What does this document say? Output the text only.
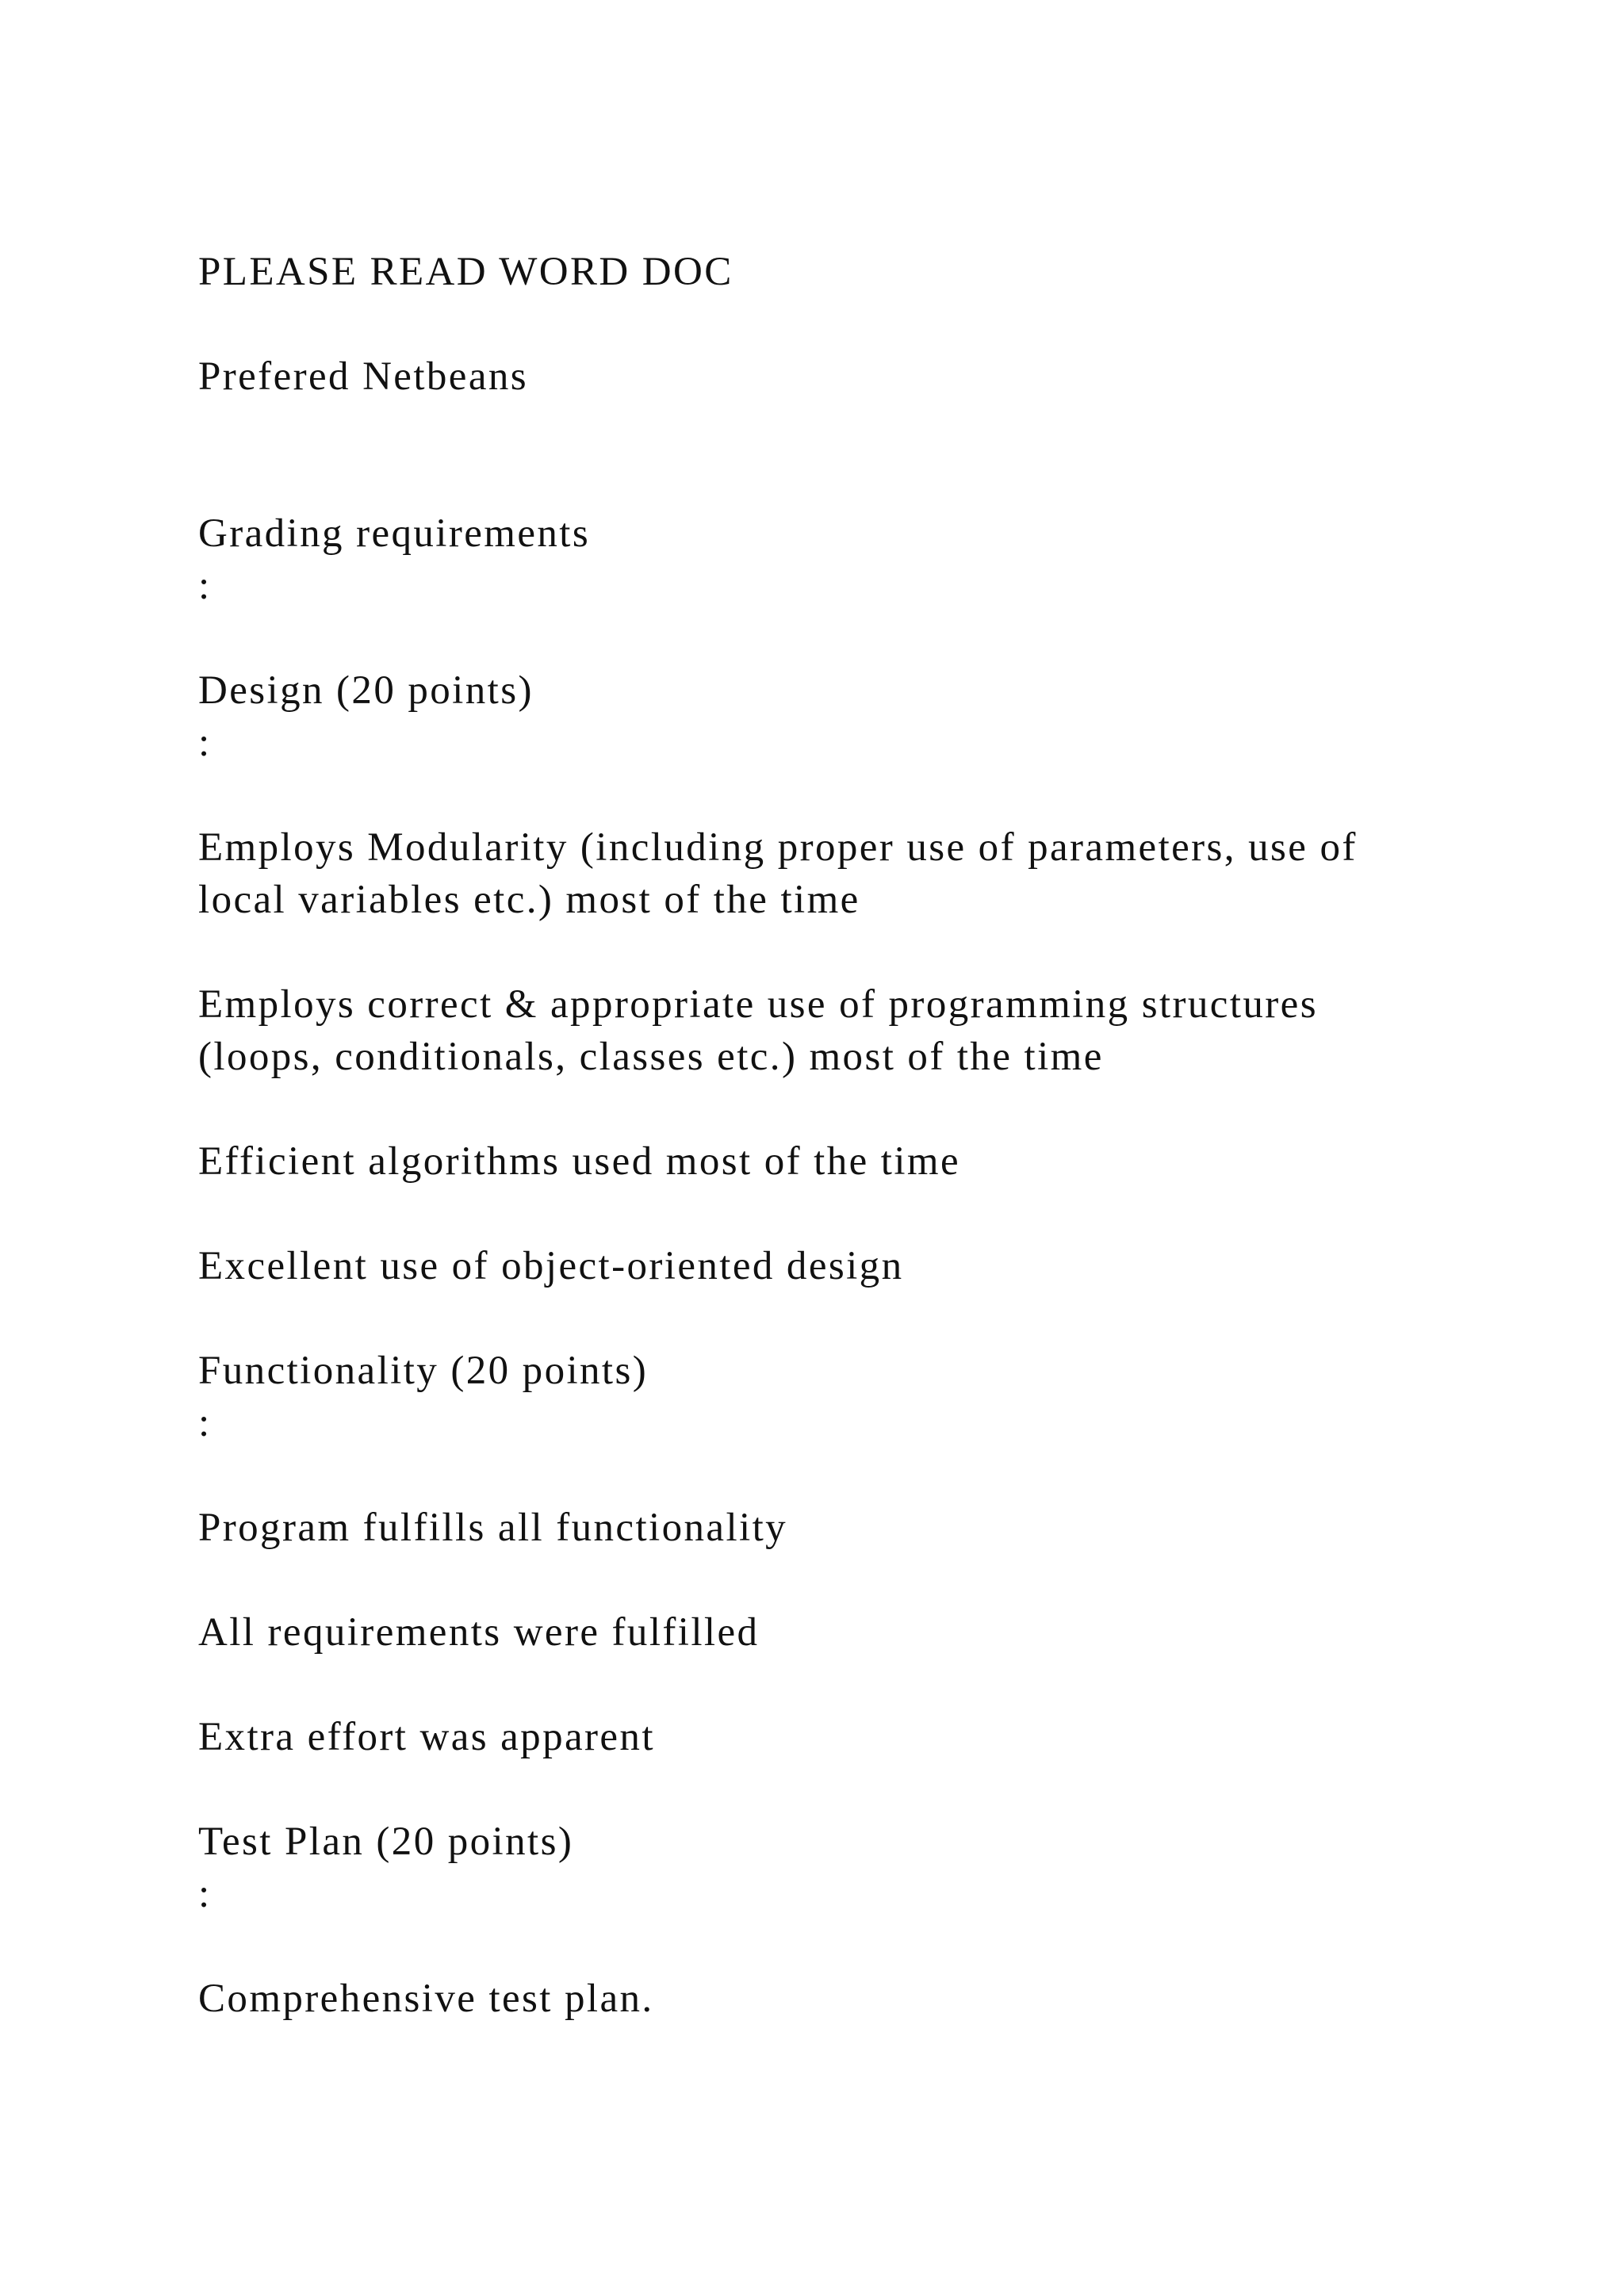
PLEASE READ WORD DOC

Prefered Netbeans

Grading requirements

:

Design (20 points)

:

Employs Modularity (including proper use of parameters, use of

local variables etc.) most of the time

Employs correct & appropriate use of programming structures

(loops, conditionals, classes etc.) most of the time

Efficient algorithms used most of the time

Excellent use of object-oriented design

Functionality (20 points)

:

Program fulfills all functionality

All requirements were fulfilled

Extra effort was apparent

Test Plan (20 points)

:

Comprehensive test plan.
